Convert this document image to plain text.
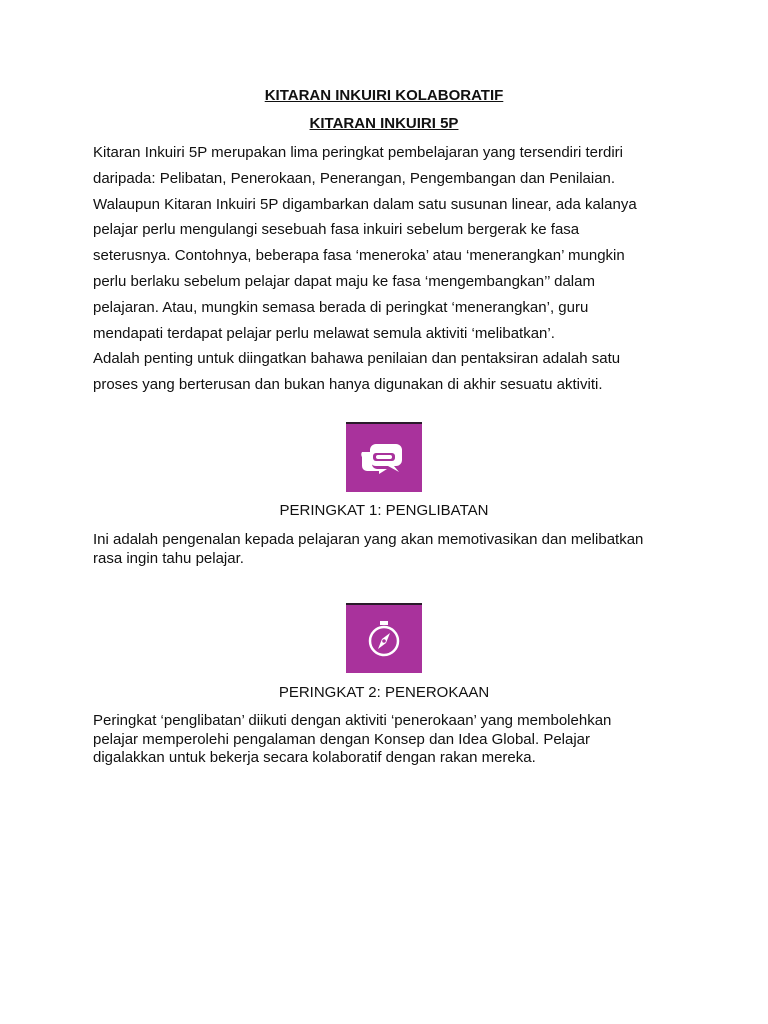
KITARAN INKUIRI KOLABORATIF
KITARAN INKUIRI 5P

Kitaran Inkuiri 5P merupakan lima peringkat pembelajaran yang tersendiri terdiri

daripada: Pelibatan, Penerokaan, Penerangan, Pengembangan dan Penilaian.

Walaupun Kitaran Inkuiri 5P digambarkan dalam satu susunan linear, ada kalanya

pelajar perlu mengulangi sesebuah fasa inkuiri sebelum bergerak ke fasa

seterusnya. Contohnya, beberapa fasa ‘meneroka’ atau ‘menerangkan’ mungkin

perlu berlaku sebelum pelajar dapat maju ke fasa ‘mengembangkan’’ dalam

pelajaran. Atau, mungkin semasa berada di peringkat ‘menerangkan’, guru

mendapati terdapat pelajar perlu melawat semula aktiviti ‘melibatkan’.

Adalah penting untuk diingatkan bahawa penilaian dan pentaksiran adalah satu

proses yang berterusan dan bukan hanya digunakan di akhir sesuatu aktiviti.

PERINGKAT 1: PENGLIBATAN
Ini adalah pengenalan kepada pelajaran yang akan memotivasikan dan melibatkan
rasa ingin tahu pelajar.
PERINGKAT 2: PENEROKAAN
Peringkat ‘penglibatan’ diikuti dengan aktiviti ‘penerokaan’ yang membolehkan
pelajar memperolehi pengalaman dengan Konsep dan Idea Global. Pelajar
digalakkan untuk bekerja secara kolaboratif dengan rakan mereka.
